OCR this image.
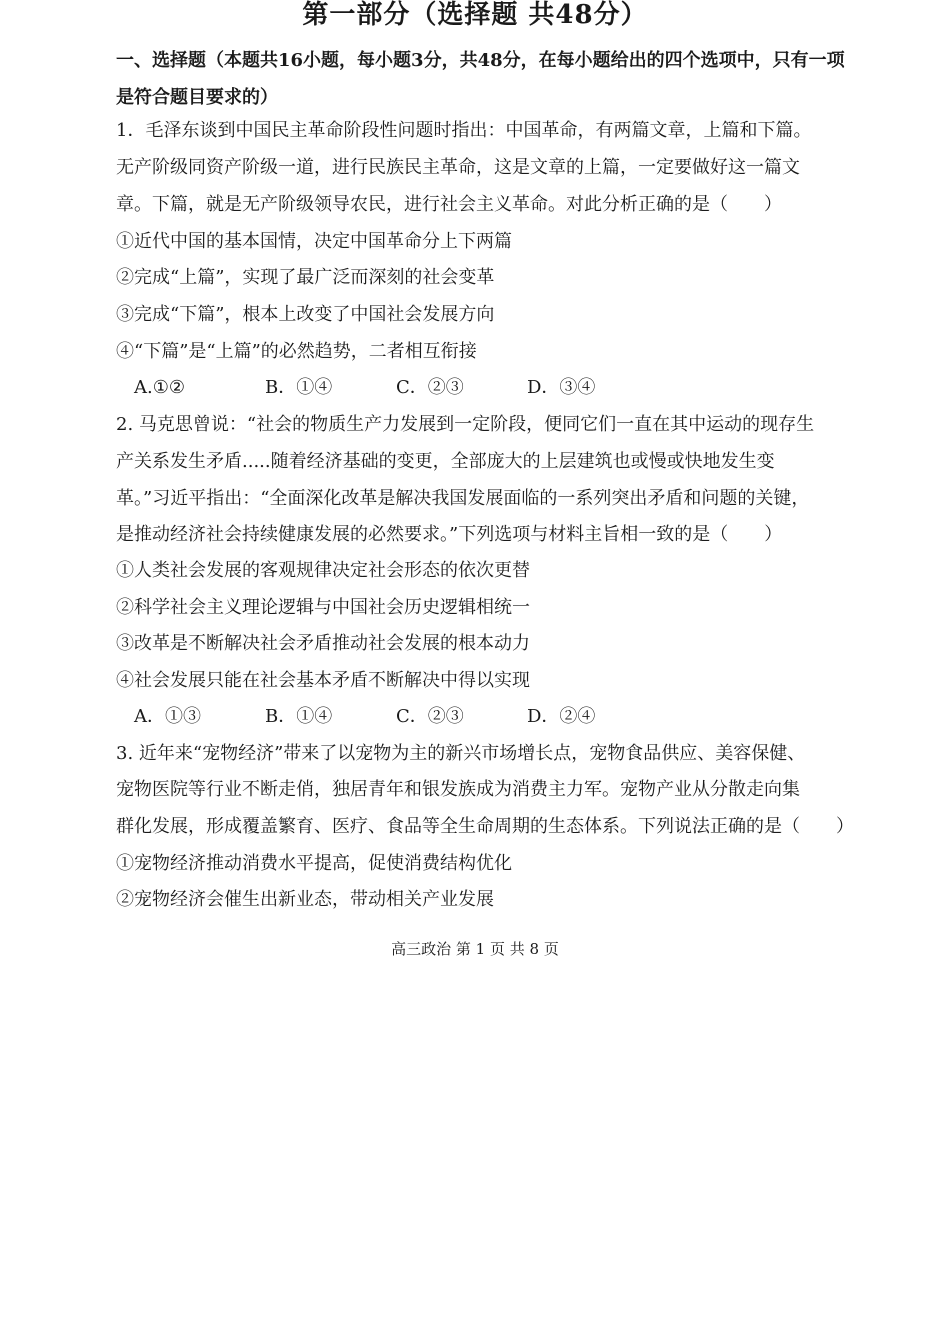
第一部分（选择题 共48分）
一、选择题（本题共16小题，每小题3分，共48分，在每小题给出的四个选项中，只有一项是符合题目要求的）
1．毛泽东谈到中国民主革命阶段性问题时指出：中国革命，有两篇文章，上篇和下篇。
无产阶级同资产阶级一道，进行民族民主革命，这是文章的上篇，一定要做好这一篇文
章。下篇，就是无产阶级领导农民，进行社会主义革命。对此分析正确的是（　　）
①近代中国的基本国情，决定中国革命分上下两篇
②完成“上篇”，实现了最广泛而深刻的社会变革
③完成“下篇”，根本上改变了中国社会发展方向
④“下篇”是“上篇”的必然趋势，二者相互衔接
A.①②	B．①④	C．②③	D．③④
2. 马克思曾说：“社会的物质生产力发展到一定阶段，便同它们一直在其中运动的现存生
产关系发生矛盾.....随着经济基础的变更，全部庞大的上层建筑也或慢或快地发生变
革。”习近平指出：“全面深化改革是解决我国发展面临的一系列突出矛盾和问题的关键，
是推动经济社会持续健康发展的必然要求。”下列选项与材料主旨相一致的是（　　）
①人类社会发展的客观规律决定社会形态的依次更替
②科学社会主义理论逻辑与中国社会历史逻辑相统一
③改革是不断解决社会矛盾推动社会发展的根本动力
④社会发展只能在社会基本矛盾不断解决中得以实现
A．①③	B．①④	C．②③	D．②④
3. 近年来“宠物经济”带来了以宠物为主的新兴市场增长点，宠物食品供应、美容保健、
宠物医院等行业不断走俏，独居青年和银发族成为消费主力军。宠物产业从分散走向集
群化发展，形成覆盖繁育、医疗、食品等全生命周期的生态体系。下列说法正确的是（　　）
①宠物经济推动消费水平提高，促使消费结构优化
②宠物经济会催生出新业态，带动相关产业发展
高三政治 第 1 页 共 8 页
